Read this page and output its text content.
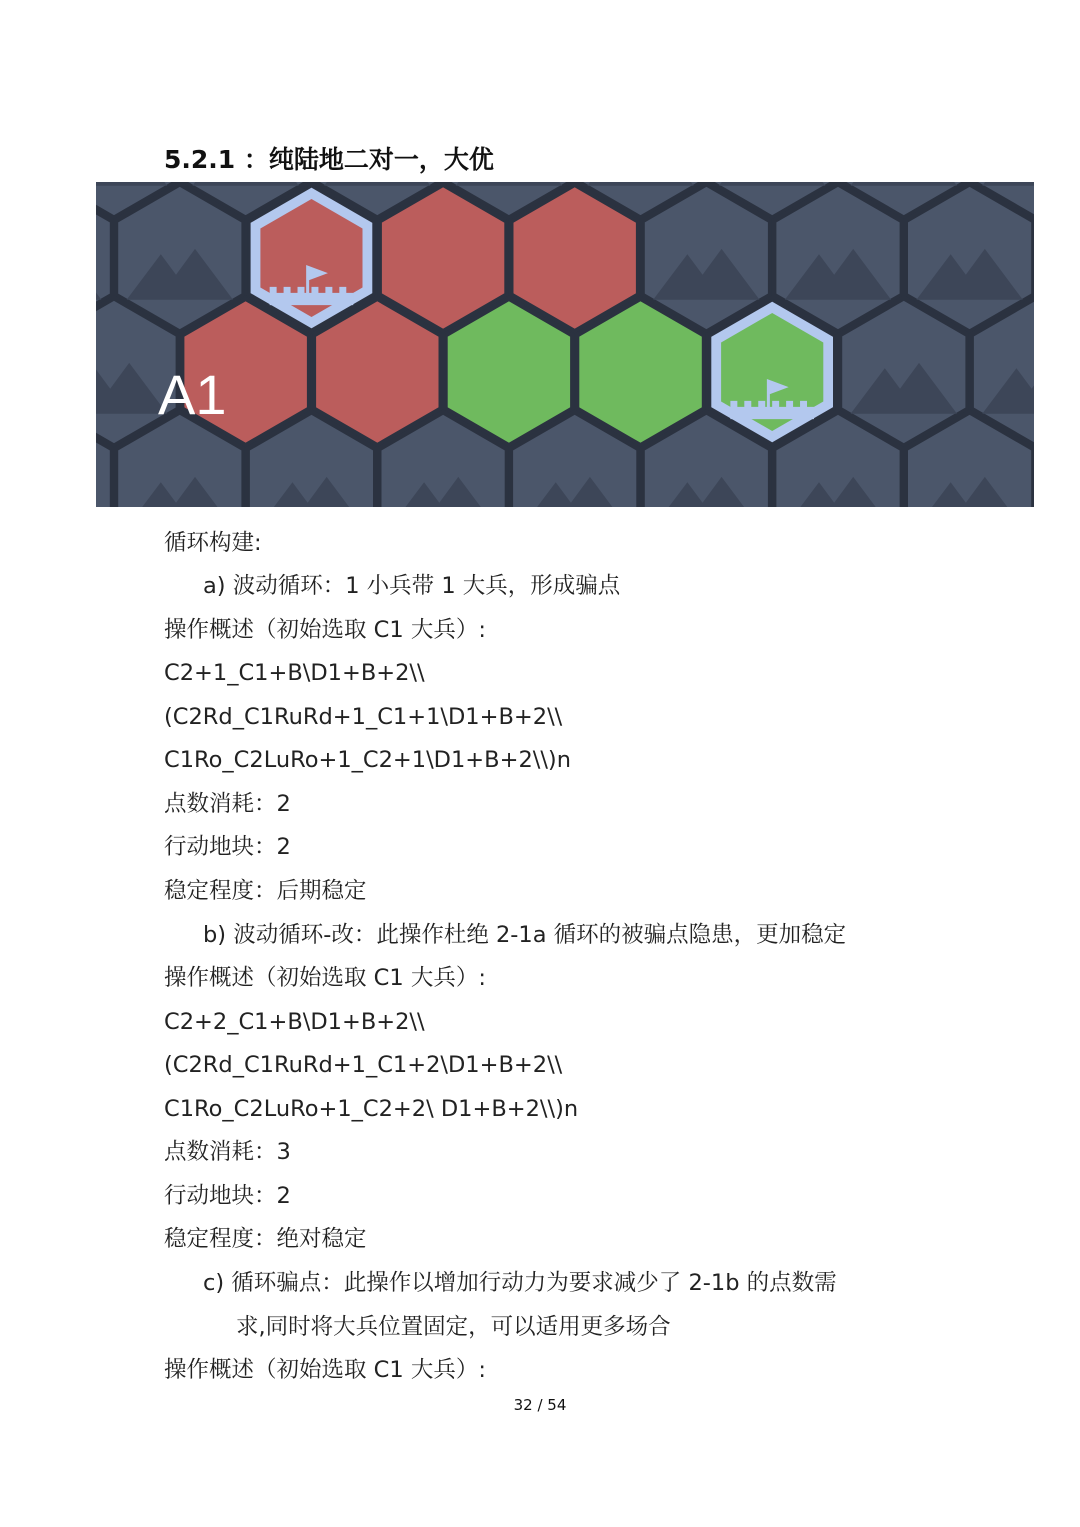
5.2.1 ：纯陆地二对一，大优
A1
循环构建:
a) 波动循环：1 小兵带 1 大兵，形成骗点
操作概述（初始选取 C1 大兵）:
C2+1_C1+B\D1+B+2\\
(C2Rd_C1RuRd+1_C1+1\D1+B+2\\
C1Ro_C2LuRo+1_C2+1\D1+B+2\\)n
点数消耗：2
行动地块：2
稳定程度：后期稳定
b) 波动循环-改：此操作杜绝 2-1a 循环的被骗点隐患，更加稳定
操作概述（初始选取 C1 大兵）:
C2+2_C1+B\D1+B+2\\
(C2Rd_C1RuRd+1_C1+2\D1+B+2\\
C1Ro_C2LuRo+1_C2+2\ D1+B+2\\)n
点数消耗：3
行动地块：2
稳定程度：绝对稳定
c) 循环骗点：此操作以增加行动力为要求减少了 2-1b 的点数需
求,同时将大兵位置固定，可以适用更多场合
操作概述（初始选取 C1 大兵）:
32 / 54
